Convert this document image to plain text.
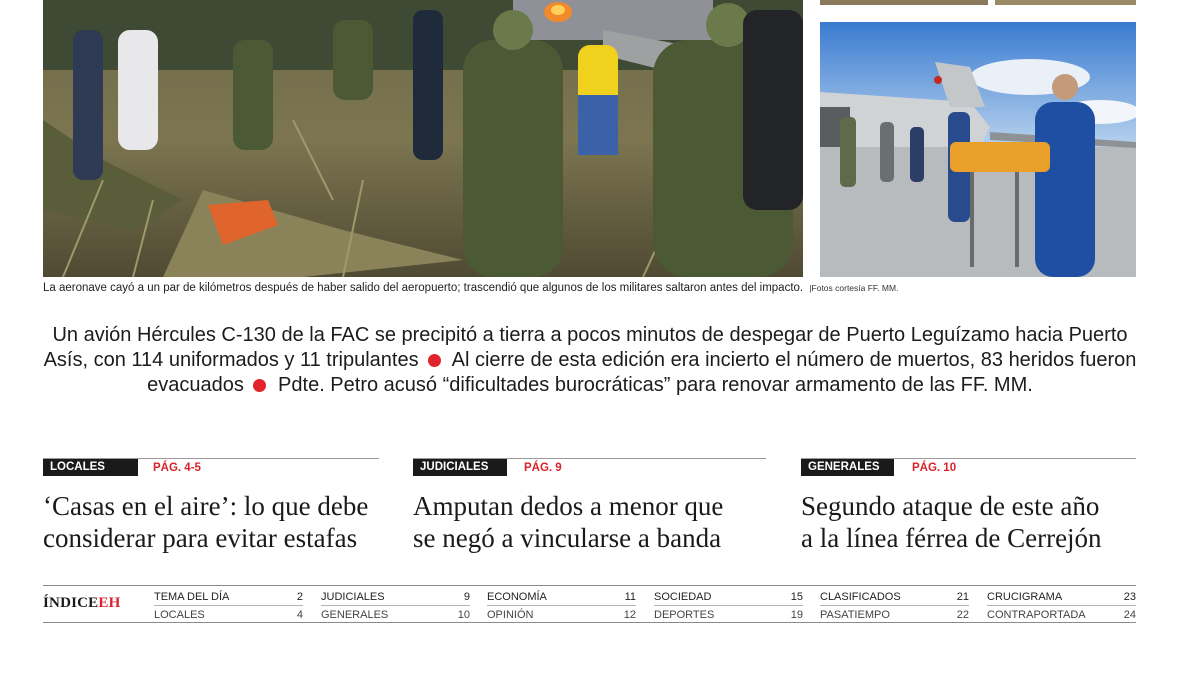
La aeronave cayó a un par de kilómetros después de haber salido del aeropuerto; trascendió que algunos de los militares saltaron antes del impacto. |Fotos cortesía FF. MM.
Un avión Hércules C-130 de la FAC se precipitó a tierra a pocos minutos de despegar de Puerto Leguízamo hacia Puerto Asís, con 114 uniformados y 11 tripulantes Al cierre de esta edición era incierto el número de muertos, 83 heridos fueron evacuados Pdte. Petro acusó “dificultades burocráticas” para renovar armamento de las FF. MM.
LOCALES	PÁG. 4-5
‘Casas en el aire’: lo que debe
considerar para evitar estafas
JUDICIALES	PÁG. 9
Amputan dedos a menor que
se negó a vincularse a banda
GENERALES	PÁG. 10
Segundo ataque de este año
a la línea férrea de Cerrejón
ÍNDICEEH	TEMA DEL DÍA	2
LOCALES	4
JUDICIALES	9
GENERALES	10
ECONOMÍA	11
OPINIÓN	12
SOCIEDAD	15
DEPORTES	19
CLASIFICADOS	21
PASATIEMPO	22
CRUCIGRAMA	23
CONTRAPORTADA	24
